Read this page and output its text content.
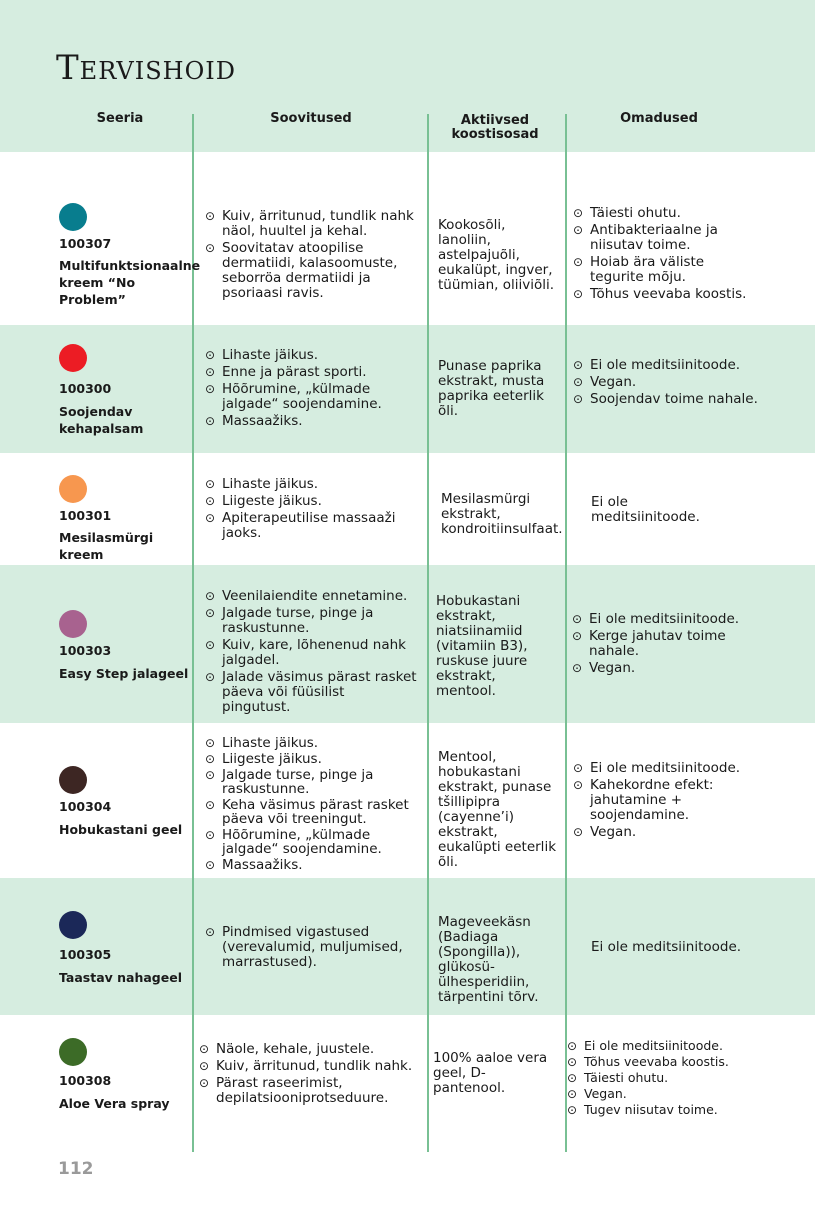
Tervishoid
Seeria	Soovitused	Aktiivsed koostisosad
Omadused
100307
Multifunktsionaalne kreem “No Problem”
⊙ Kuiv, ärritunud, tundlik nahk näol, huultel ja kehal.
⊙ Soovitatav atoopilise dermatiidi, kalasoomuste, seborröa dermatiidi ja psoriaasi ravis.
Kookosõli, lanoliin, astelpajuõli, eukalüpt, ingver, tüümian, oliiviõli.
⊙ Täiesti ohutu.
⊙ Antibakteriaalne ja niisutav toime.
⊙ Hoiab ära väliste tegurite mõju.
⊙ Tõhus veevaba koostis.
100300
Soojendav kehapalsam
⊙ Lihaste jäikus.
⊙ Enne ja pärast sporti.
⊙ Hõõrumine, „külmade jalgade“ soojendamine.
⊙ Massaažiks.
Punase paprika ekstrakt, musta paprika eeterlik õli.
⊙ Ei ole meditsiinitoode.
⊙ Vegan.
⊙ Soojendav toime nahale.
100301
Mesilasmürgi kreem
⊙ Lihaste jäikus.
⊙ Liigeste jäikus.
⊙ Apiterapeutilise massaaži jaoks.
Mesilasmürgi ekstrakt, kondroitiinsulfaat.
Ei ole meditsiinitoode.
100303
Easy Step jalageel
⊙ Veenilaiendite ennetamine.
⊙ Jalgade turse, pinge ja raskustunne.
⊙ Kuiv, kare, lõhenenud nahk jalgadel.
⊙ Jalade väsimus pärast rasket päeva või füüsilist pingutust.
Hobukastani ekstrakt, niatsiinamiid (vitamiin B3), ruskuse juure ekstrakt, mentool.
⊙ Ei ole meditsiinitoode.
⊙ Kerge jahutav toime nahale.
⊙ Vegan.
100304
Hobukastani geel
⊙ Lihaste jäikus.
⊙ Liigeste jäikus.
⊙ Jalgade turse, pinge ja raskustunne.
⊙ Keha väsimus pärast rasket päeva või treeningut.
⊙ Hõõrumine, „külmade jalgade“ soojendamine.
⊙ Massaažiks.
Mentool, hobukastani ekstrakt, punase tšillipipra (cayenne’i) ekstrakt, eukalüpti eeterlik õli.
⊙ Ei ole meditsiinitoode.
⊙ Kahekordne efekt: jahutamine + soojendamine.
⊙ Vegan.
100305
Taastav nahageel
⊙ Pindmised vigastused (verevalumid, muljumised, marrastused).
Mageveekäsn (Badiaga (Spongilla)), glükosü-ülhesperidiin, tärpentini tõrv.
Ei ole meditsiinitoode.
100308
Aloe Vera spray
⊙ Näole, kehale, juustele.
⊙ Kuiv, ärritunud, tundlik nahk.
⊙ Pärast raseerimist, depilatsiooniprotseduure.
100% aaloe vera geel, D-pantenool.
⊙ Ei ole meditsiinitoode.
⊙ Tõhus veevaba koostis.
⊙ Täiesti ohutu.
⊙ Vegan.
⊙ Tugev niisutav toime.
112
